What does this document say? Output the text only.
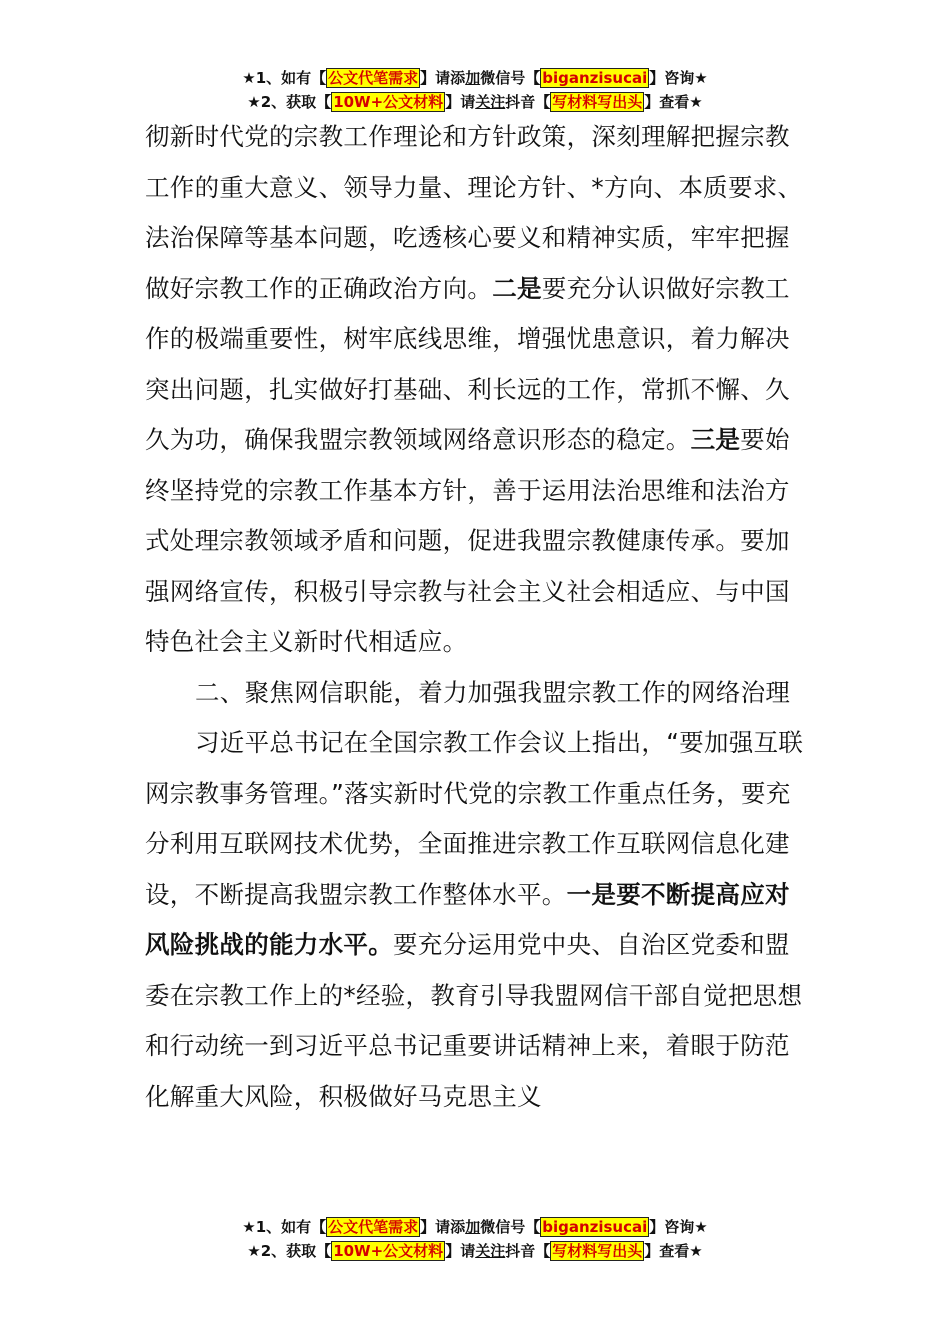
★1、如有【 公文代笔需求 】请添加微信号【 biganzisucai 】咨询★
★2、获取【 10W+公文材料 】请关注抖音【 写材料写出头 】查看★

彻新时代党的宗教工作理论和方针政策，深刻理解把握宗教工作的重大意义、领导力量、理论方针、*方向、本质要求、法治保障等基本问题，吃透核心要义和精神实质，牢牢把握做好宗教工作的正确政治方向。二是要充分认识做好宗教工作的极端重要性，树牢底线思维，增强忧患意识，着力解决突出问题，扎实做好打基础、利长远的工作，常抓不懈、久久为功，确保我盟宗教领域网络意识形态的稳定。三是要始终坚持党的宗教工作基本方针，善于运用法治思维和法治方式处理宗教领域矛盾和问题，促进我盟宗教健康传承。要加强网络宣传，积极引导宗教与社会主义社会相适应、与中国特色社会主义新时代相适应。

二、聚焦网信职能，着力加强我盟宗教工作的网络治理

习近平总书记在全国宗教工作会议上指出，“要加强互联网宗教事务管理。”落实新时代党的宗教工作重点任务，要充分利用互联网技术优势，全面推进宗教工作互联网信息化建设，不断提高我盟宗教工作整体水平。一是要不断提高应对风险挑战的能力水平。要充分运用党中央、自治区党委和盟委在宗教工作上的*经验，教育引导我盟网信干部自觉把思想和行动统一到习近平总书记重要讲话精神上来，着眼于防范化解重大风险，积极做好马克思主义

★1、如有【 公文代笔需求 】请添加微信号【 biganzisucai 】咨询★
★2、获取【 10W+公文材料 】请关注抖音【 写材料写出头 】查看★
